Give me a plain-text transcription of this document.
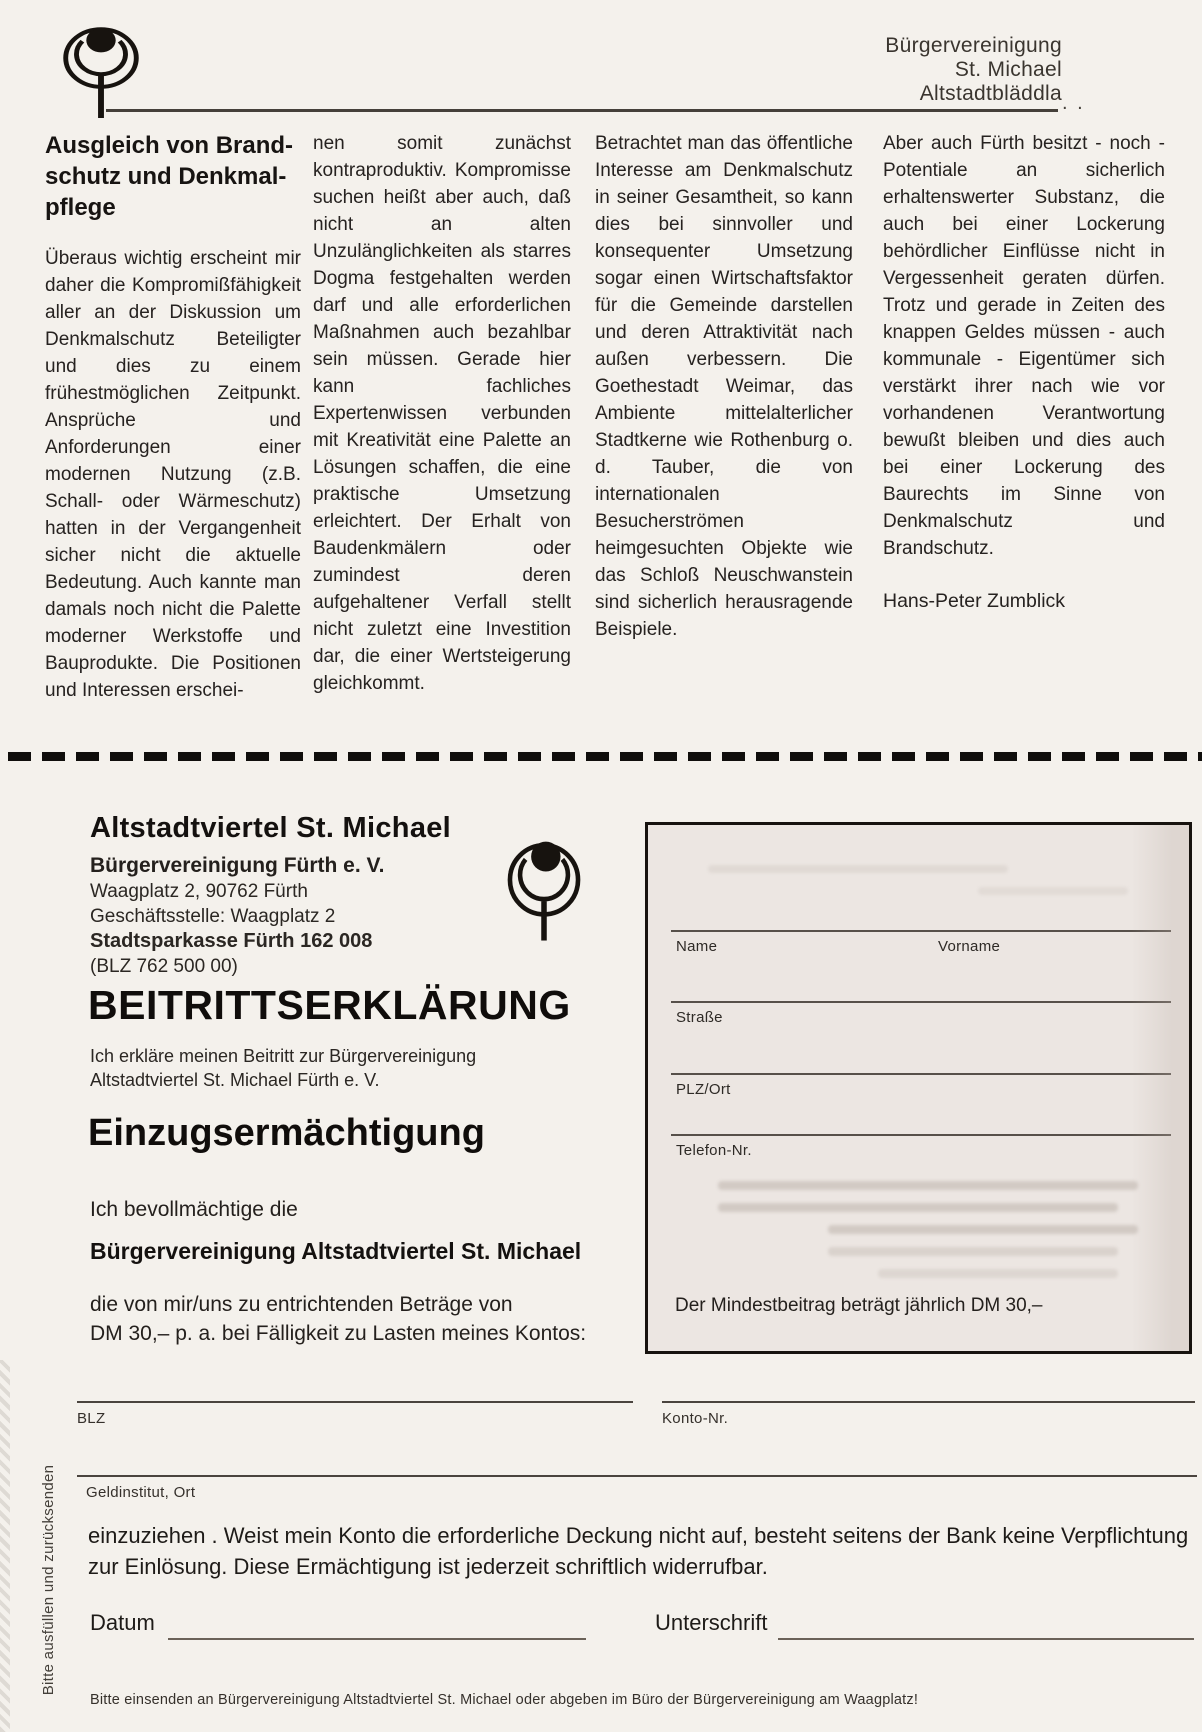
Bürgervereinigung
St. Michael
Altstadtbläddla . .
Ausgleich von Brandschutz und Denkmalpflege
Überaus wichtig erscheint mir daher die Kompromißfähigkeit aller an der Diskussion um Denkmalschutz Beteiligter und dies zu einem frühestmöglichen Zeitpunkt. Ansprüche und Anforderungen einer modernen Nutzung (z.B. Schall- oder Wärmeschutz) hatten in der Vergangenheit sicher nicht die aktuelle Bedeutung. Auch kannte man damals noch nicht die Palette moderner Werkstoffe und Bauprodukte. Die Positionen und Interessen erschei-
nen somit zunächst kontraproduktiv. Kompromisse suchen heißt aber auch, daß nicht an alten Unzulänglichkeiten als starres Dogma festgehalten werden darf und alle erforderlichen Maßnahmen auch bezahlbar sein müssen. Gerade hier kann fachliches Expertenwissen verbunden mit Kreativität eine Palette an Lösungen schaffen, die eine praktische Umsetzung erleichtert. Der Erhalt von Baudenkmälern oder zumindest deren aufgehaltener Verfall stellt nicht zuletzt eine Investition dar, die einer Wertsteigerung gleichkommt.
Betrachtet man das öffentliche Interesse am Denkmalschutz in seiner Gesamtheit, so kann dies bei sinnvoller und konsequenter Umsetzung sogar einen Wirtschaftsfaktor für die Gemeinde darstellen und deren Attraktivität nach außen verbessern. Die Goethestadt Weimar, das Ambiente mittelalterlicher Stadtkerne wie Rothenburg o. d. Tauber, die von internationalen Besucherströmen heimgesuchten Objekte wie das Schloß Neuschwanstein sind sicherlich herausragende Beispiele.
Aber auch Fürth besitzt - noch - Potentiale an sicherlich erhaltenswerter Substanz, die auch bei einer Lockerung behördlicher Einflüsse nicht in Vergessenheit geraten dürfen. Trotz und gerade in Zeiten des knappen Geldes müssen - auch kommunale - Eigentümer sich verstärkt ihrer nach wie vor vorhandenen Verantwortung bewußt bleiben und dies auch bei einer Lockerung des Baurechts im Sinne von Denkmalschutz und Brandschutz.
Hans-Peter Zumblick
Altstadtviertel St. Michael
Bürgervereinigung Fürth e. V.
Waagplatz 2, 90762 Fürth
Geschäftsstelle: Waagplatz 2
Stadtsparkasse Fürth 162 008
(BLZ 762 500 00)
BEITRITTSERKLÄRUNG
Ich erkläre meinen Beitritt zur Bürgervereinigung
Altstadtviertel St. Michael Fürth e. V.
Einzugsermächtigung
Ich bevollmächtige die
Bürgervereinigung Altstadtviertel St. Michael
die von mir/uns zu entrichtenden Beträge von
DM 30,– p. a. bei Fälligkeit zu Lasten meines Kontos:
Name	Vorname
Straße
PLZ/Ort
Telefon-Nr.
Der Mindestbeitrag beträgt jährlich DM 30,–
BLZ	Konto-Nr.
Geldinstitut, Ort
einzuziehen . Weist mein Konto die erforderliche Deckung nicht auf, besteht seitens der Bank keine Verpflichtung zur Einlösung. Diese Ermächtigung ist jederzeit schriftlich widerrufbar.
Datum	Unterschrift
Bitte einsenden an Bürgervereinigung Altstadtviertel St. Michael oder abgeben im Büro der Bürgervereinigung am Waagplatz!
Bitte ausfüllen und zurücksenden
